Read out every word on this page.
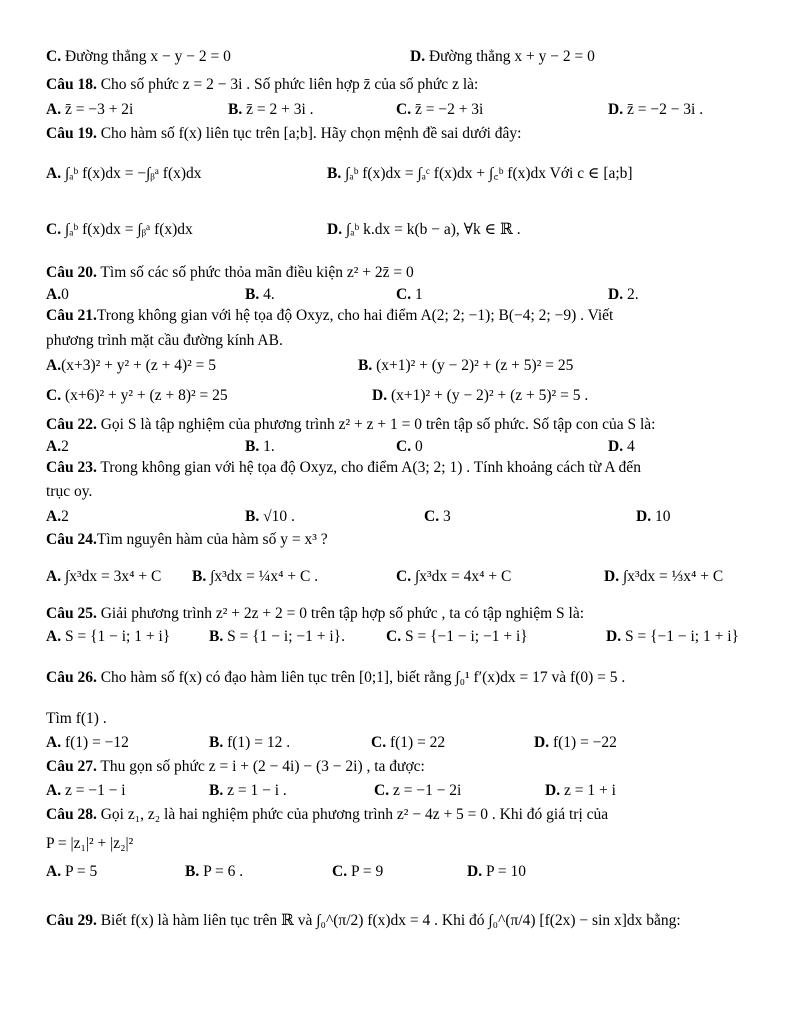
C. Đường thẳng x − y − 2 = 0	D. Đường thẳng x + y − 2 = 0
Câu 18. Cho số phức z = 2 − 3i . Số phức liên hợp z̄ của số phức z là:
A. z̄ = −3 + 2i	B. z̄ = 2 + 3i .	C. z̄ = −2 + 3i	D. z̄ = −2 − 3i .
Câu 19. Cho hàm số f(x) liên tục trên [a;b]. Hãy chọn mệnh đề sai dưới đây:
A. ∫ₐᵇ f(x)dx = −∫ᵦᵃ f(x)dx	B. ∫ₐᵇ f(x)dx = ∫ₐᶜ f(x)dx + ∫꜀ᵇ f(x)dx Với c ∈ [a;b]
C. ∫ₐᵇ f(x)dx = ∫ᵦᵃ f(x)dx	D. ∫ₐᵇ k.dx = k(b − a), ∀k ∈ ℝ .
Câu 20. Tìm số các số phức thỏa mãn điều kiện z² + 2z̄ = 0
A.0	B. 4.	C. 1	D. 2.
Câu 21.Trong không gian với hệ tọa độ Oxyz, cho hai điểm A(2; 2; −1); B(−4; 2; −9) . Viết
phương trình mặt cầu đường kính AB.
A.(x+3)² + y² + (z + 4)² = 5	B. (x+1)² + (y − 2)² + (z + 5)² = 25
C. (x+6)² + y² + (z + 8)² = 25	D. (x+1)² + (y − 2)² + (z + 5)² = 5 .
Câu 22. Gọi S là tập nghiệm của phương trình z² + z + 1 = 0 trên tập số phức. Số tập con của S là:
A.2	B. 1.	C. 0	D. 4
Câu 23. Trong không gian với hệ tọa độ Oxyz, cho điểm A(3; 2; 1) . Tính khoảng cách từ A đến
trục oy.
A.2	B. √10 .	C. 3	D. 10
Câu 24.Tìm nguyên hàm của hàm số y = x³ ?
A. ∫x³dx = 3x⁴ + C B. ∫x³dx = ¼x⁴ + C .	C. ∫x³dx = 4x⁴ + C	D. ∫x³dx = ⅓x⁴ + C
Câu 25. Giải phương trình z² + 2z + 2 = 0 trên tập hợp số phức , ta có tập nghiệm S là:
A. S = {1 − i; 1 + i}	B. S = {1 − i; −1 + i}.	C. S = {−1 − i; −1 + i}	D. S = {−1 − i; 1 + i}
Câu 26. Cho hàm số f(x) có đạo hàm liên tục trên [0;1], biết rằng ∫₀¹ f′(x)dx = 17 và f(0) = 5 .
Tìm f(1) .
A. f(1) = −12	B. f(1) = 12 .	C. f(1) = 22	D. f(1) = −22
Câu 27. Thu gọn số phức z = i + (2 − 4i) − (3 − 2i) , ta được:
A. z = −1 − i	B. z = 1 − i .	C. z = −1 − 2i	D. z = 1 + i
Câu 28. Gọi z₁, z₂ là hai nghiệm phức của phương trình z² − 4z + 5 = 0 . Khi đó giá trị của
P = |z₁|² + |z₂|²
A. P = 5	B. P = 6 .	C. P = 9	D. P = 10
Câu 29. Biết f(x) là hàm liên tục trên ℝ và ∫₀^(π/2) f(x)dx = 4 . Khi đó ∫₀^(π/4) [f(2x) − sin x]dx bằng:
